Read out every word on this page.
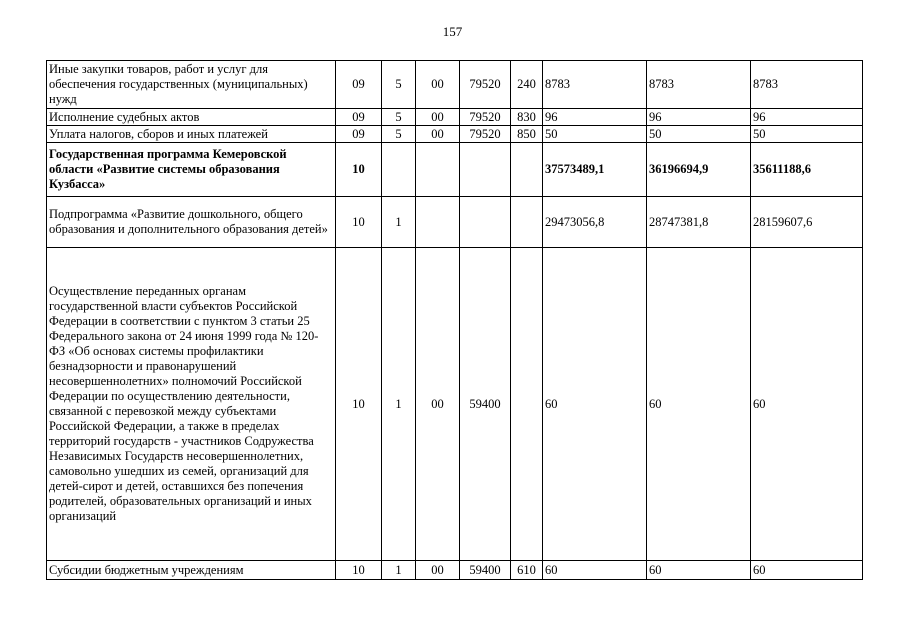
157
Иные закупки товаров, работ и услуг для обеспечения государственных (муниципальных) нужд	09	5	00	79520	240	8783	8783	8783
Исполнение судебных актов	09	5	00	79520	830	96	96	96
Уплата налогов, сборов и иных платежей	09	5	00	79520	850	50	50	50
Государственная программа Кемеровской области «Развитие системы образования Кузбасса»	10					37573489,1	36196694,9	35611188,6
Подпрограмма «Развитие дошкольного, общего образования и дополнительного образования детей»	10	1				29473056,8	28747381,8	28159607,6
Осуществление переданных органам государственной власти субъектов Российской Федерации в соответствии с пунктом 3 статьи 25 Федерального закона от 24 июня 1999 года № 120-ФЗ «Об основах системы профилактики безнадзорности и правонарушений несовершеннолетних» полномочий Российской Федерации по осуществлению деятельности, связанной с перевозкой между субъектами Российской Федерации, а также в пределах территорий государств - участников Содружества Независимых Государств несовершеннолетних, самовольно ушедших из семей, организаций для детей-сирот и детей, оставшихся без попечения родителей, образовательных организаций и иных организаций	10	1	00	59400		60	60	60
Субсидии бюджетным учреждениям	10	1	00	59400	610	60	60	60
